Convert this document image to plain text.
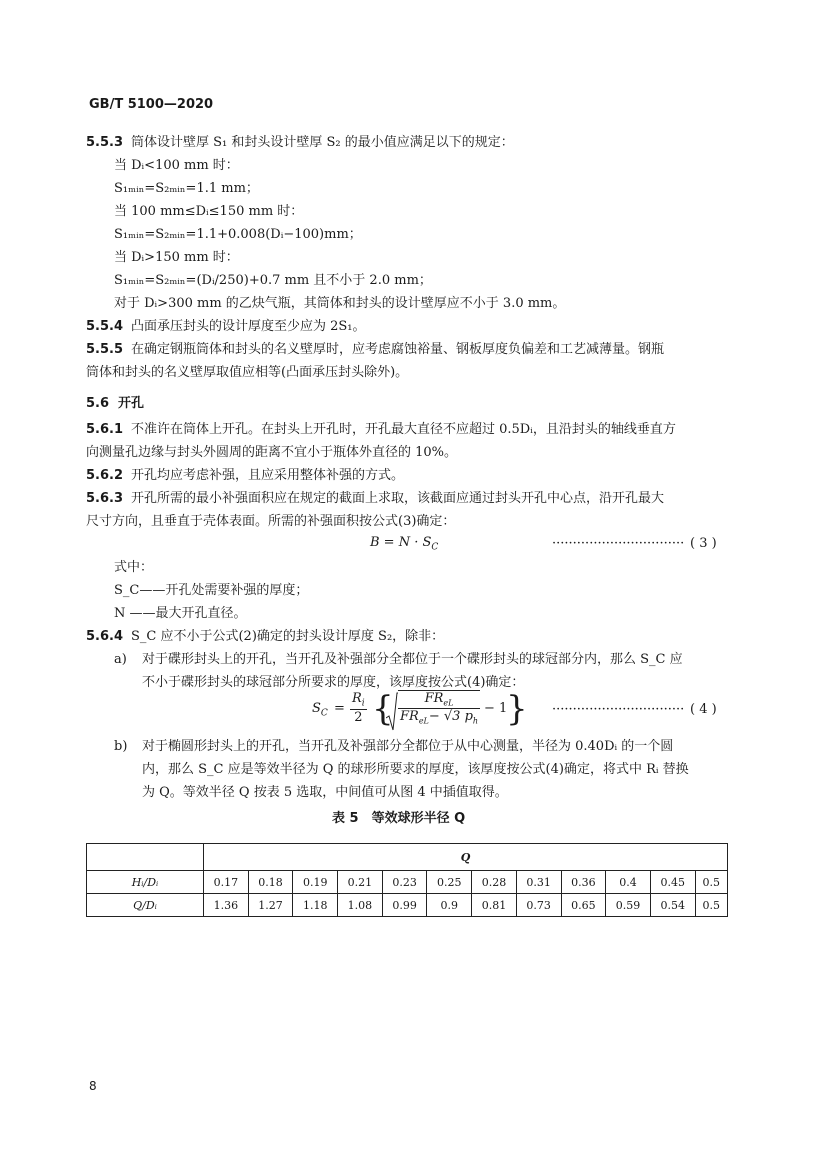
GB/T 5100—2020
5.5.3 筒体设计壁厚 S₁ 和封头设计壁厚 S₂ 的最小值应满足以下的规定：
当 Dᵢ<100 mm 时：
S₁ₘᵢₙ=S₂ₘᵢₙ=1.1 mm；
当 100 mm≤Dᵢ≤150 mm 时：
S₁ₘᵢₙ=S₂ₘᵢₙ=1.1+0.008(Dᵢ−100)mm；
当 Dᵢ>150 mm 时：
S₁ₘᵢₙ=S₂ₘᵢₙ=(Dᵢ/250)+0.7 mm 且不小于 2.0 mm；
对于 Dᵢ>300 mm 的乙炔气瓶，其筒体和封头的设计壁厚应不小于 3.0 mm。
5.5.4 凸面承压封头的设计厚度至少应为 2S₁。
5.5.5 在确定钢瓶筒体和封头的名义壁厚时，应考虑腐蚀裕量、钢板厚度负偏差和工艺减薄量。钢瓶
筒体和封头的名义壁厚取值应相等(凸面承压封头除外)。
5.6 开孔
5.6.1 不准许在筒体上开孔。在封头上开孔时，开孔最大直径不应超过 0.5Dᵢ，且沿封头的轴线垂直方
向测量孔边缘与封头外圆周的距离不宜小于瓶体外直径的 10%。
5.6.2 开孔均应考虑补强，且应采用整体补强的方式。
5.6.3 开孔所需的最小补强面积应在规定的截面上求取，该截面应通过封头开孔中心点，沿开孔最大
尺寸方向，且垂直于壳体表面。所需的补强面积按公式(3)确定：
$B = N \cdot S_C$	································ ( 3 )
式中：
S_C——开孔处需要补强的厚度；
N ——最大开孔直径。
5.6.4 S_C 应不小于公式(2)确定的封头设计厚度 S₂，除非：
a) 对于碟形封头上的开孔，当开孔及补强部分全都位于一个碟形封头的球冠部分内，那么 S_C 应
不小于碟形封头的球冠部分所要求的厚度，该厚度按公式(4)确定：
$S_C = \frac{R_i}{2}$ {	$FR_{eL}$
$FR_{eL}- √3$ $p_h$
− 1
} ································ ( 4 )
b) 对于椭圆形封头上的开孔，当开孔及补强部分全都位于从中心测量，半径为 0.40Dᵢ 的一个圆
内，那么 S_C 应是等效半径为 Q 的球形所要求的厚度，该厚度按公式(4)确定，将式中 Rᵢ 替换
为 Q。等效半径 Q 按表 5 选取，中间值可从图 4 中插值取得。
表 5　等效球形半径 Q
	Q											
Hᵢ/Dᵢ	0.17	0.18	0.19	0.21	0.23	0.25	0.28	0.31	0.36	0.4	0.45	0.5
Q/Dᵢ	1.36	1.27	1.18	1.08	0.99	0.9	0.81	0.73	0.65	0.59	0.54	0.5
8
